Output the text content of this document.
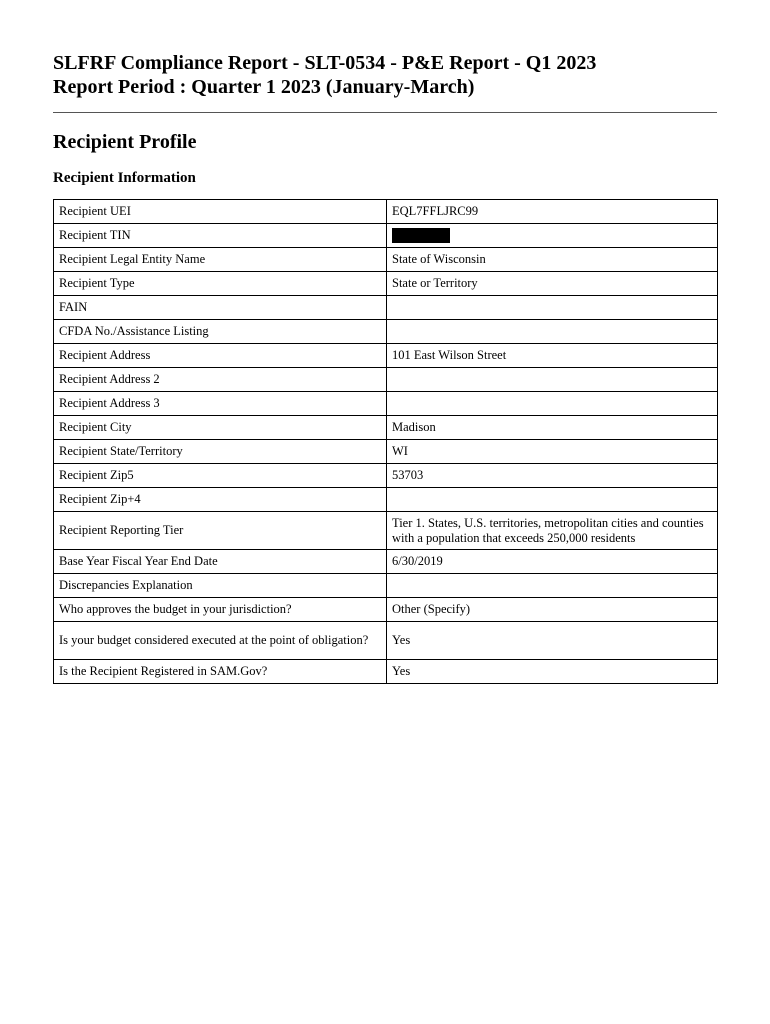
SLFRF Compliance Report - SLT-0534 - P&E Report - Q1 2023
Report Period : Quarter 1 2023 (January-March)
Recipient Profile
Recipient Information
Recipient UEI	EQL7FFLJRC99
Recipient TIN	
Recipient Legal Entity Name	State of Wisconsin
Recipient Type	State or Territory
FAIN	
CFDA No./Assistance Listing	
Recipient Address	101 East Wilson Street
Recipient Address 2	
Recipient Address 3	
Recipient City	Madison
Recipient State/Territory	WI
Recipient Zip5	53703
Recipient Zip+4	
Recipient Reporting Tier	Tier 1. States, U.S. territories, metropolitan cities and counties with a population that exceeds 250,000 residents
Base Year Fiscal Year End Date	6/30/2019
Discrepancies Explanation	
Who approves the budget in your jurisdiction?	Other (Specify)
Is your budget considered executed at the point of obligation?	Yes
Is the Recipient Registered in SAM.Gov?	Yes
